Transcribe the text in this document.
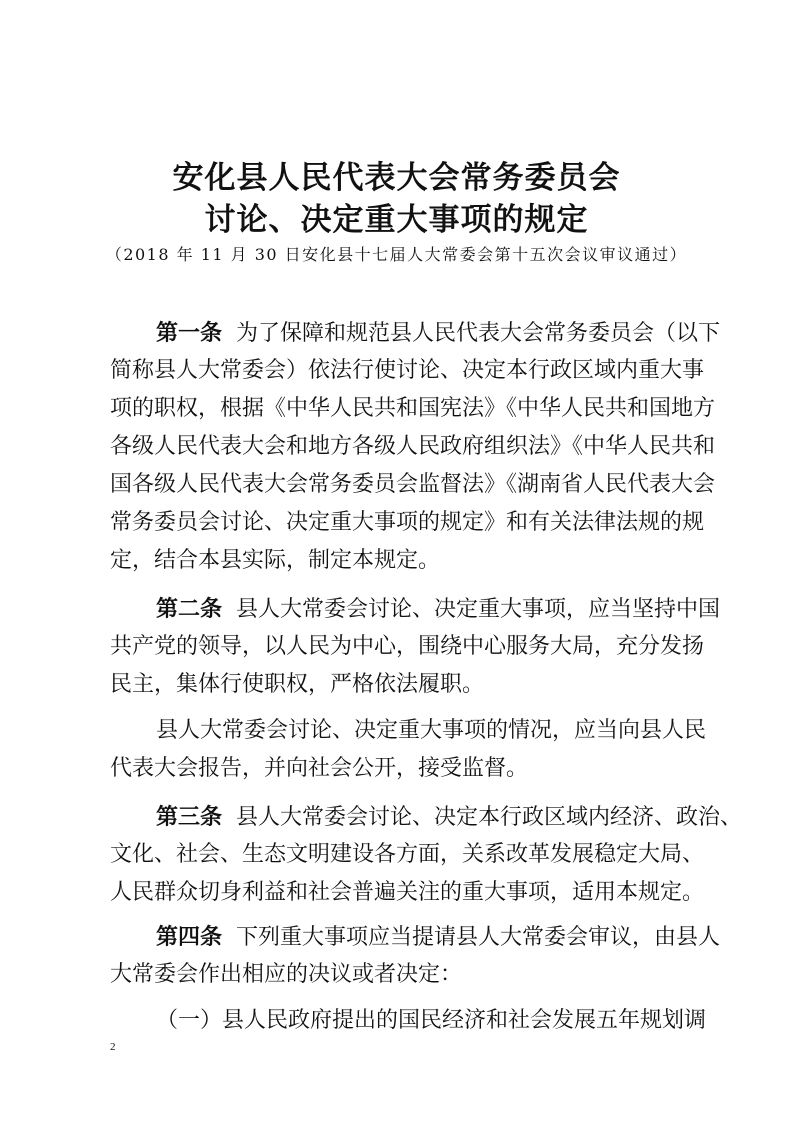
安化县人民代表大会常务委员会
讨论、决定重大事项的规定
（2018 年 11 月 30 日安化县十七届人大常委会第十五次会议审议通过）
第一条 为了保障和规范县人民代表大会常务委员会（以下
简称县人大常委会）依法行使讨论、决定本行政区域内重大事
项的职权，根据《中华人民共和国宪法》《中华人民共和国地方
各级人民代表大会和地方各级人民政府组织法》《中华人民共和
国各级人民代表大会常务委员会监督法》《湖南省人民代表大会
常务委员会讨论、决定重大事项的规定》和有关法律法规的规
定，结合本县实际，制定本规定。
第二条 县人大常委会讨论、决定重大事项，应当坚持中国
共产党的领导，以人民为中心，围绕中心服务大局，充分发扬
民主，集体行使职权，严格依法履职。
县人大常委会讨论、决定重大事项的情况，应当向县人民
代表大会报告，并向社会公开，接受监督。
第三条 县人大常委会讨论、决定本行政区域内经济、政治、
文化、社会、生态文明建设各方面，关系改革发展稳定大局、
人民群众切身利益和社会普遍关注的重大事项，适用本规定。
第四条 下列重大事项应当提请县人大常委会审议，由县人
大常委会作出相应的决议或者决定：
（一）县人民政府提出的国民经济和社会发展五年规划调
2
